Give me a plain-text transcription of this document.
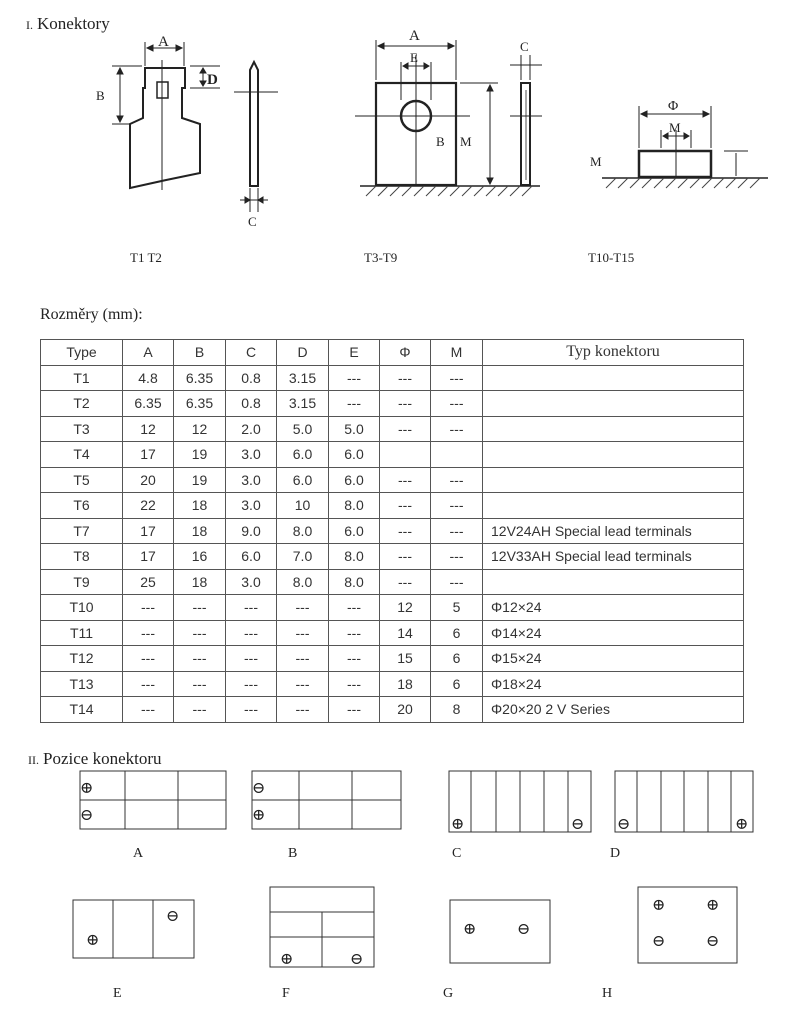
I. Konektory
A
B
D
C
T1 T2
A
E
B M
C
T3-T9
Φ
M
M
T10-T15
Rozměry (mm):
Type	A	B	C	D	E	Φ	M	Typ konektoru
T1	4.8	6.35	0.8	3.15	---	---	---	
T2	6.35	6.35	0.8	3.15	---	---	---	
T3	12	12	2.0	5.0	5.0	---	---	
T4	17	19	3.0	6.0	6.0			
T5	20	19	3.0	6.0	6.0	---	---	
T6	22	18	3.0	10	8.0	---	---	
T7	17	18	9.0	8.0	6.0	---	---	12V24AH Special lead terminals
T8	17	16	6.0	7.0	8.0	---	---	12V33AH Special lead terminals
T9	25	18	3.0	8.0	8.0	---	---	
T10	---	---	---	---	---	12	5	Φ12×24
T11	---	---	---	---	---	14	6	Φ14×24
T12	---	---	---	---	---	15	6	Φ15×24
T13	---	---	---	---	---	18	6	Φ18×24
T14	---	---	---	---	---	20	8	Φ20×20 2 V Series
II. Pozice konektoru
⊕
⊖
A
⊖
⊕
B
⊕	⊖
C
⊖	⊕
D
⊕
⊖
E
⊕	⊖
F
⊕	⊖
G
⊕	⊕
⊖	⊖
H
